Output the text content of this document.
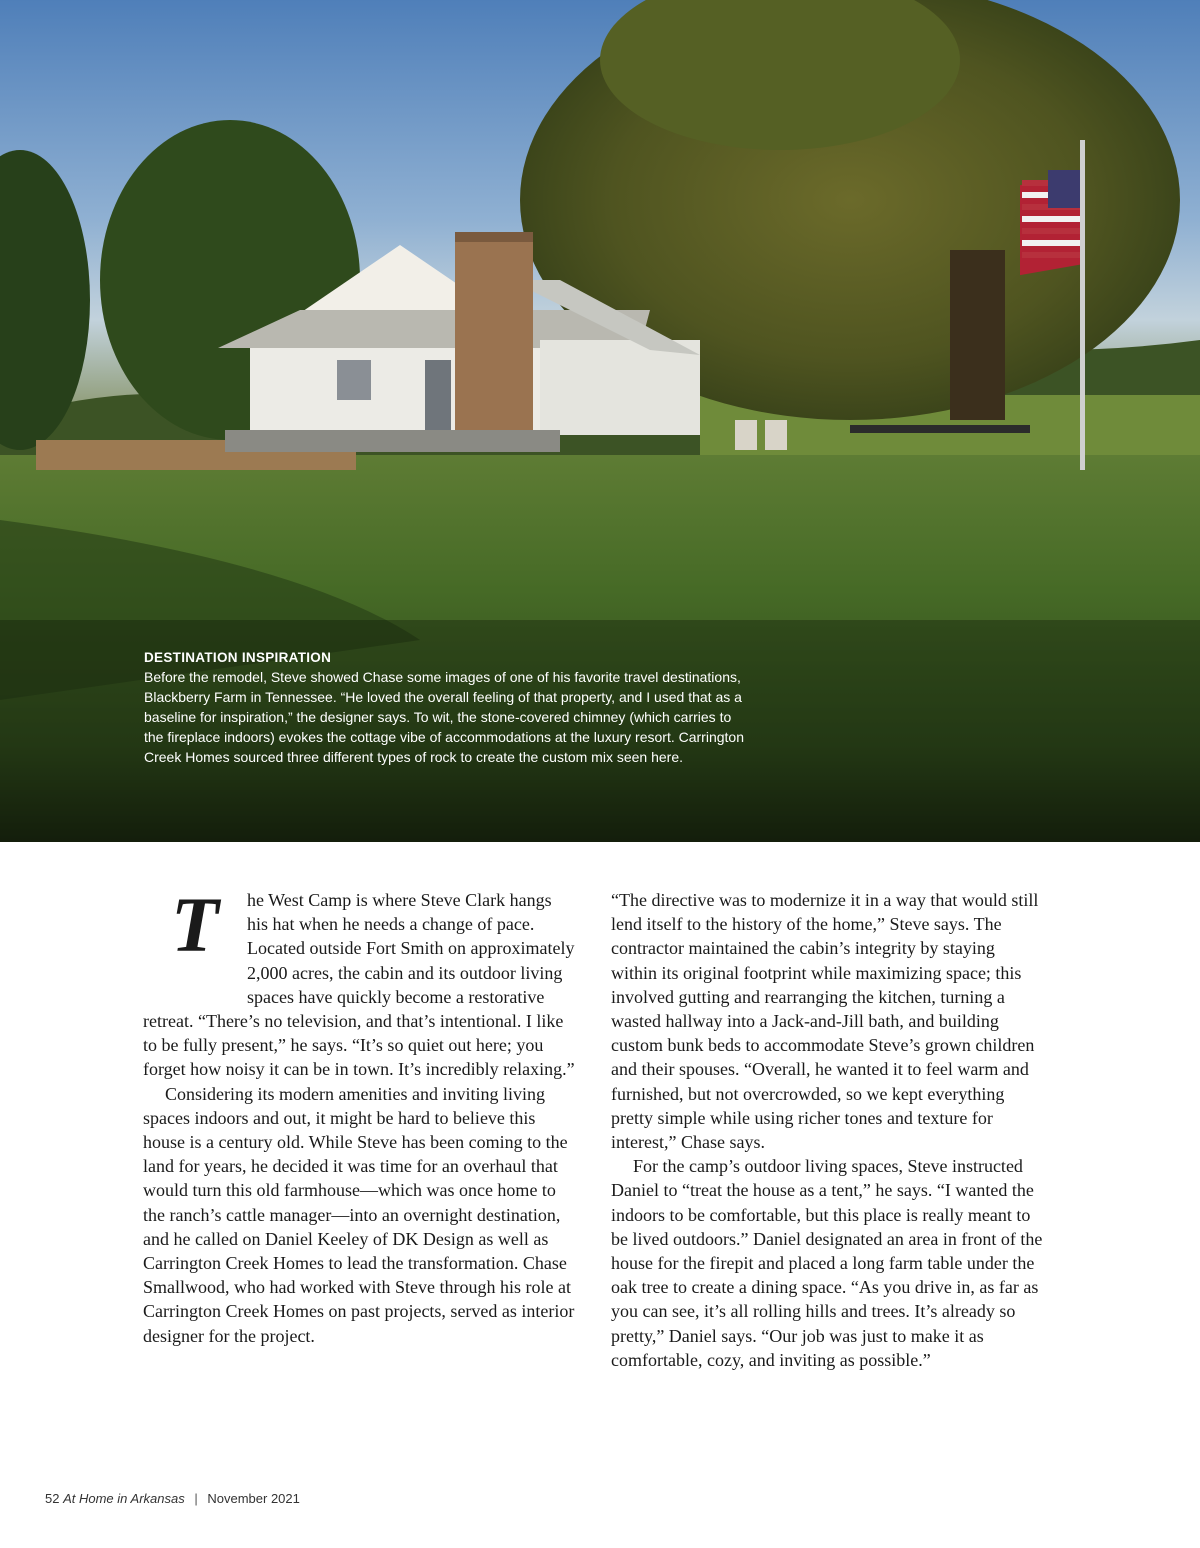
DESTINATION INSPIRATION
Before the remodel, Steve showed Chase some images of one of his favorite travel destinations, Blackberry Farm in Tennessee. “He loved the overall feeling of that property, and I used that as a baseline for inspiration,” the designer says. To wit, the stone-covered chimney (which carries to the fireplace indoors) evokes the cottage vibe of accommodations at the luxury resort. Carrington Creek Homes sourced three different types of rock to create the custom mix seen here.
T	he West Camp is where Steve Clark hangs his hat when he needs a change of pace. Located outside Fort Smith on approximately 2,000 acres, the cabin and its outdoor living spaces have quickly become a restorative retreat. “There’s no television, and that’s intentional. I like to be fully present,” he says. “It’s so quiet out here; you forget how noisy it can be in town. It’s incredibly relaxing.”

Considering its modern amenities and inviting living spaces indoors and out, it might be hard to believe this house is a century old. While Steve has been coming to the land for years, he decided it was time for an overhaul that would turn this old farmhouse—which was once home to the ranch’s cattle manager—into an overnight destination, and he called on Daniel Keeley of DK Design as well as Carrington Creek Homes to lead the transformation. Chase Smallwood, who had worked with Steve through his role at Carrington Creek Homes on past projects, served as interior designer for the project.

“The directive was to modernize it in a way that would still lend itself to the history of the home,” Steve says. The contractor maintained the cabin’s integrity by staying within its original footprint while maximizing space; this involved gutting and rearranging the kitchen, turning a wasted hallway into a Jack-and-Jill bath, and building custom bunk beds to accommodate Steve’s grown children and their spouses. “Overall, he wanted it to feel warm and furnished, but not overcrowded, so we kept everything pretty simple while using richer tones and texture for interest,” Chase says.

For the camp’s outdoor living spaces, Steve instructed Daniel to “treat the house as a tent,” he says. “I wanted the indoors to be comfortable, but this place is really meant to be lived outdoors.” Daniel designated an area in front of the house for the firepit and placed a long farm table under the oak tree to create a dining space. “As you drive in, as far as you can see, it’s all rolling hills and trees. It’s already so pretty,” Daniel says. “Our job was just to make it as comfortable, cozy, and inviting as possible.”

52 At Home in Arkansas | November 2021
